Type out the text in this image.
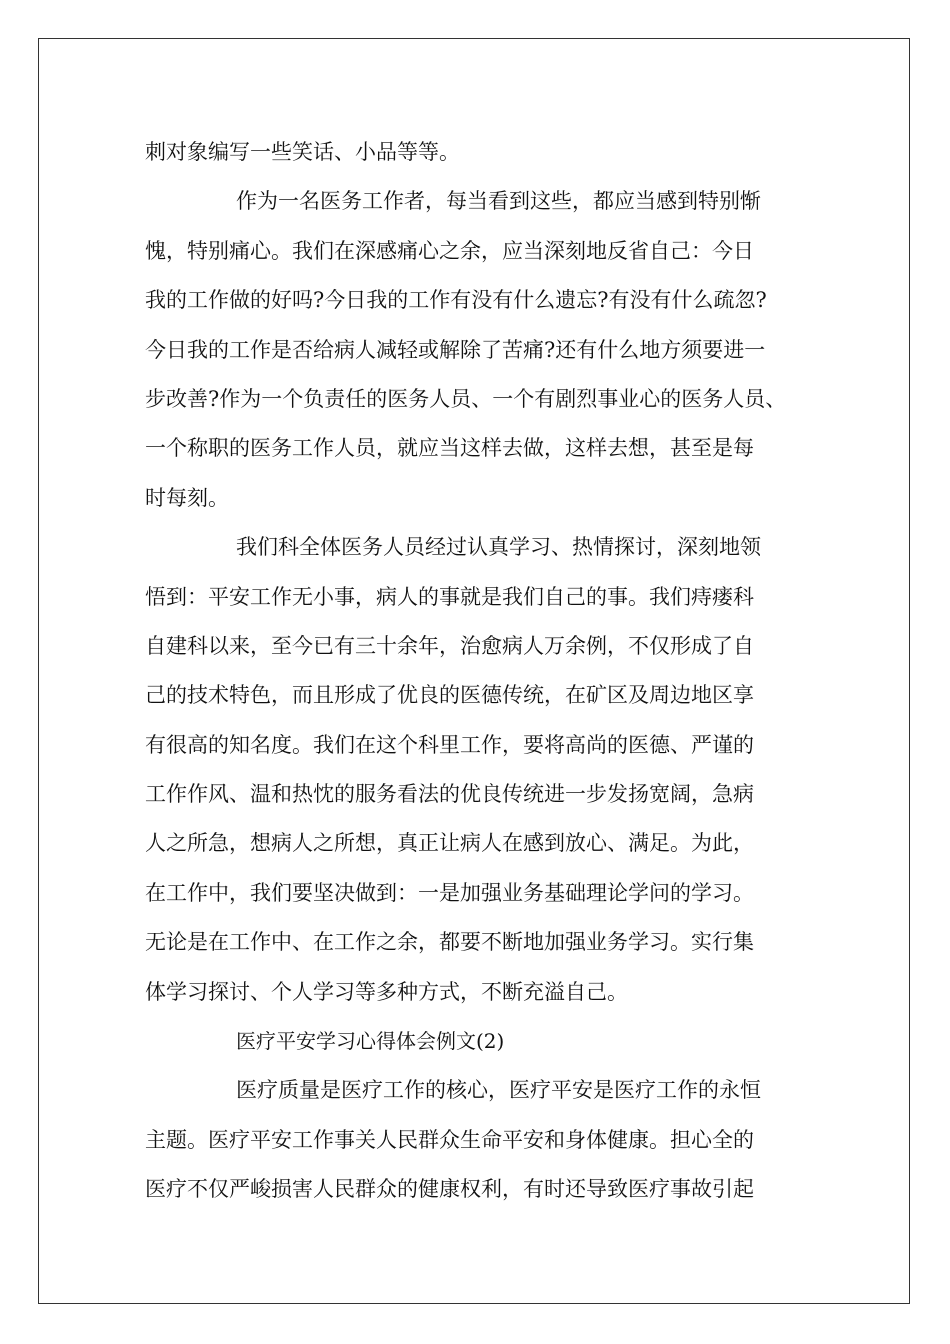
刺对象编写一些笑话、小品等等。
作为一名医务工作者，每当看到这些，都应当感到特别惭
愧，特别痛心。我们在深感痛心之余，应当深刻地反省自己：今日
我的工作做的好吗?今日我的工作有没有什么遗忘?有没有什么疏忽?
今日我的工作是否给病人减轻或解除了苦痛?还有什么地方须要进一
步改善?作为一个负责任的医务人员、一个有剧烈事业心的医务人员、
一个称职的医务工作人员，就应当这样去做，这样去想，甚至是每
时每刻。
我们科全体医务人员经过认真学习、热情探讨，深刻地领
悟到：平安工作无小事，病人的事就是我们自己的事。我们痔瘘科
自建科以来，至今已有三十余年，治愈病人万余例，不仅形成了自
己的技术特色，而且形成了优良的医德传统，在矿区及周边地区享
有很高的知名度。我们在这个科里工作，要将高尚的医德、严谨的
工作作风、温和热忱的服务看法的优良传统进一步发扬宽阔，急病
人之所急，想病人之所想，真正让病人在感到放心、满足。为此，
在工作中，我们要坚决做到：一是加强业务基础理论学问的学习。
无论是在工作中、在工作之余，都要不断地加强业务学习。实行集
体学习探讨、个人学习等多种方式，不断充溢自己。
医疗平安学习心得体会例文(2)
医疗质量是医疗工作的核心，医疗平安是医疗工作的永恒
主题。医疗平安工作事关人民群众生命平安和身体健康。担心全的
医疗不仅严峻损害人民群众的健康权利，有时还导致医疗事故引起
